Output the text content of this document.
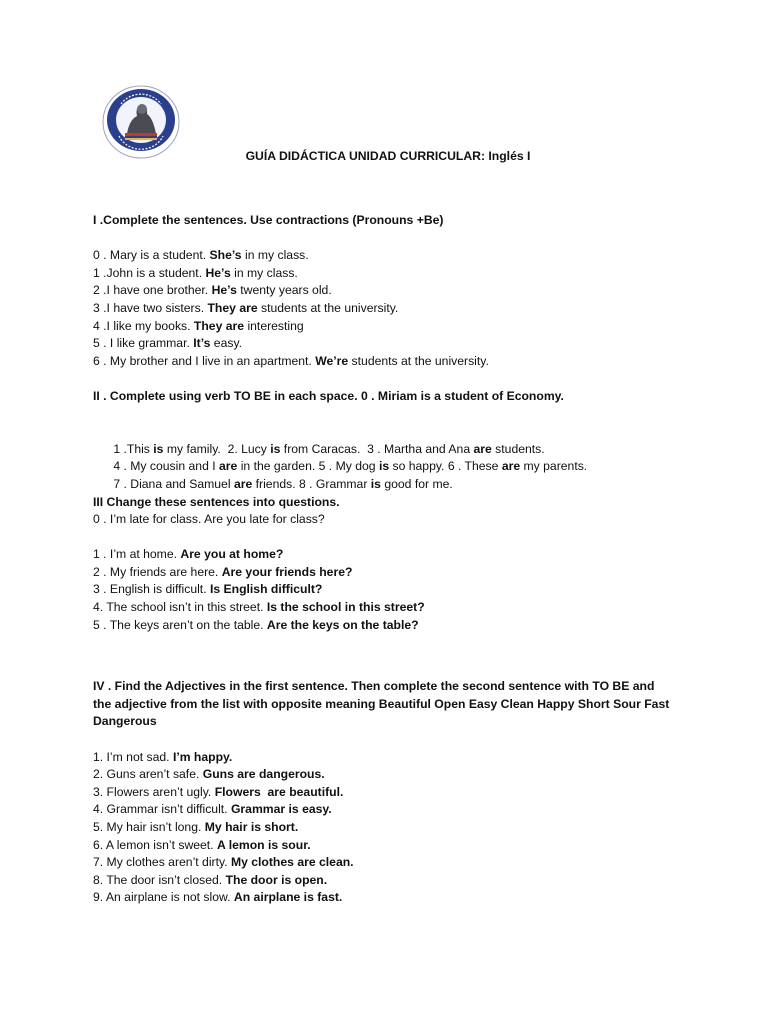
GUÍA DIDÁCTICA UNIDAD CURRICULAR: Inglés I
I .Complete the sentences. Use contractions (Pronouns +Be)
0 . Mary is a student. She’s in my class.
1 .John is a student. He’s in my class.
2 .I have one brother. He’s twenty years old.
3 .I have two sisters. They are students at the university.
4 .I like my books. They are interesting
5 . I like grammar. It’s easy.
6 . My brother and I live in an apartment. We’re students at the university.
II . Complete using verb TO BE in each space. 0 . Miriam is a student of Economy.

1 .This is my family.  2. Lucy is from Caracas.  3 . Martha and Ana are students.

4 . My cousin and I are in the garden. 5 . My dog is so happy. 6 . These are my parents.

7 . Diana and Samuel are friends. 8 . Grammar is good for me.

III Change these sentences into questions.
0 . I’m late for class. Are you late for class?
1 . I’m at home. Are you at home?
2 . My friends are here. Are your friends here?
3 . English is difficult. Is English difficult?
4. The school isn’t in this street. Is the school in this street?
5 . The keys aren’t on the table. Are the keys on the table?
IV . Find the Adjectives in the first sentence. Then complete the second sentence with TO BE and the adjective from the list with opposite meaning Beautiful Open Easy Clean Happy Short Sour Fast Dangerous
1. I’m not sad. I’m happy.
2. Guns aren’t safe. Guns are dangerous.
3. Flowers aren’t ugly. Flowers  are beautiful.
4. Grammar isn’t difficult. Grammar is easy.
5. My hair isn’t long. My hair is short.
6. A lemon isn’t sweet. A lemon is sour.
7. My clothes aren’t dirty. My clothes are clean.
8. The door isn’t closed. The door is open.
9. An airplane is not slow. An airplane is fast.
